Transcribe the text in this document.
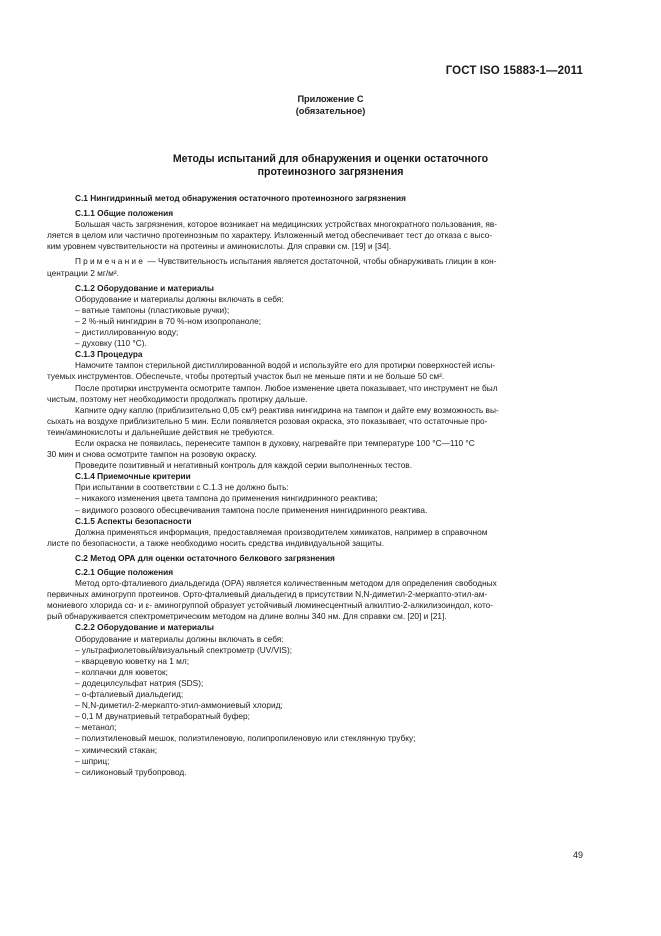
ГОСТ ISO 15883-1—2011
Приложение С
(обязательное)
Методы испытаний для обнаружения и оценки остаточного
протеинозного загрязнения

С.1 Нингидринный метод обнаружения остаточного протеинозного загрязнения

С.1.1 Общие положения

Большая часть загрязнения, которое возникает на медицинских устройствах многократного пользования, яв-

ляется в целом или частично протеинозным по характеру. Изложенный метод обеспечивает тест до отказа с высо-

ким уровнем чувствительности на протеины и аминокислоты. Для справки см. [19] и [34].

Примечание — Чувствительность испытания является достаточной, чтобы обнаруживать глицин в кон-

центрации 2 мг/м².

С.1.2 Оборудование и материалы

Оборудование и материалы должны включать в себя:

– ватные тампоны (пластиковые ручки);

– 2 %-ный нингидрин в 70 %-ном изопропаноле;

– дистиллированную воду;

– духовку (110 °С).

С.1.3 Процедура

Намочите тампон стерильной дистиллированной водой и используйте его для протирки поверхностей испы-

туемых инструментов. Обеспечьте, чтобы протертый участок был не меньше пяти и не больше 50 см².

После протирки инструмента осмотрите тампон. Любое изменение цвета показывает, что инструмент не был

чистым, поэтому нет необходимости продолжать протирку дальше.

Капните одну каплю (приблизительно 0,05 см³) реактива нингидрина на тампон и дайте ему возможность вы-

сыхать на воздухе приблизительно 5 мин. Если появляется розовая окраска, это показывает, что остаточные про-

теин/аминокислоты и дальнейшие действия не требуются.

Если окраска не появилась, перенесите тампон в духовку, нагревайте при температуре 100 °С—110 °С

30 мин и снова осмотрите тампон на розовую окраску.

Проведите позитивный и негативный контроль для каждой серии выполненных тестов.

С.1.4 Приемочные критерии

При испытании в соответствии с С.1.3 не должно быть:

– никакого изменения цвета тампона до применения нингидринного реактива;

– видимого розового обесцвечивания тампона после применения нингидринного реактива.

С.1.5 Аспекты безопасности

Должна применяться информация, предоставляемая производителем химикатов, например в справочном

листе по безопасности, а также необходимо носить средства индивидуальной защиты.

С.2 Метод ОРА для оценки остаточного белкового загрязнения

С.2.1 Общие положения

Метод орто-фталиевого диальдегида (ОРА) является количественным методом для определения свободных

первичных аминогрупп протеинов. Орто-фталиевый диальдегид в присутствии N,N-диметил-2-меркапто-этил-ам-

мониевого хлорида cα- и ε- аминогруппой образует устойчивый люминесцентный алкилтио-2-алкилизоиндол, кото-

рый обнаруживается спектрометрическим методом на длине волны 340 нм. Для справки см. [20] и [21].

С.2.2 Оборудование и материалы

Оборудование и материалы должны включать в себя:

– ультрафиолетовый/визуальный спектрометр (UV/VIS);

– кварцевую кюветку на 1 мл;

– колпачки для кюветок;

– додецилсульфат натрия (SDS);

– о-фталиевый диальдегид;

– N,N-диметил-2-меркапто-этил-аммониевый хлорид;

– 0,1 М двунатриевый тетраборатный буфер;

– метанол;

– полиэтиленовый мешок, полиэтиленовую, полипропиленовую или стеклянную трубку;

– химический стакан;

– шприц;

– силиконовый трубопровод.

49
